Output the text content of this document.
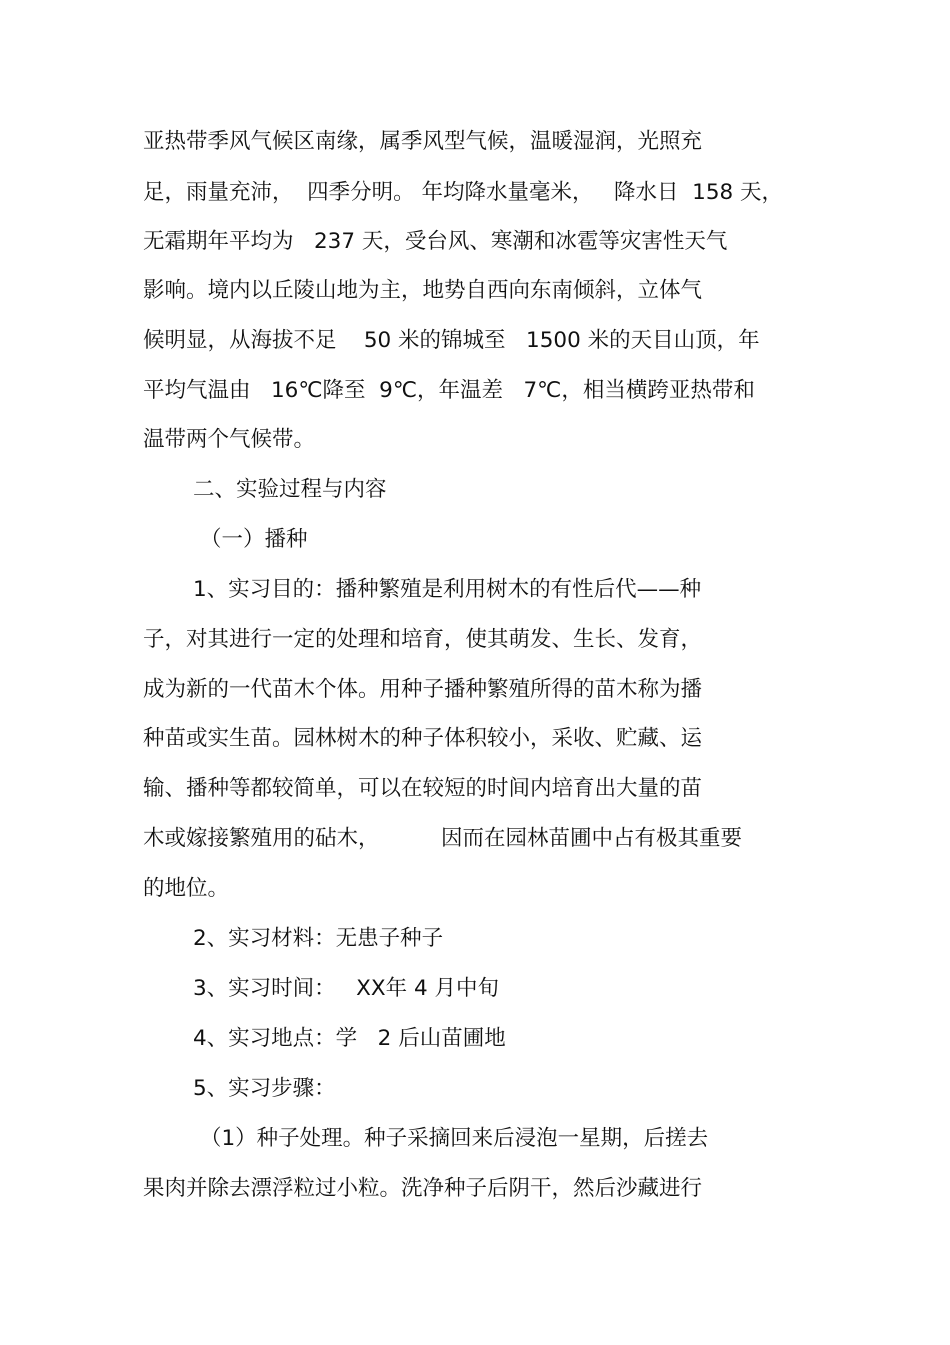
亚热带季风气候区南缘，属季风型气候，温暖湿润，光照充
足，雨量充沛，  四季分明。 年均降水量毫米，   降水日  158 天，
无霜期年平均为   237 天，受台风、寒潮和冰雹等灾害性天气
影响。境内以丘陵山地为主，地势自西向东南倾斜，立体气
候明显，从海拔不足    50 米的锦城至   1500 米的天目山顶，年
平均气温由   16℃降至  9℃，年温差   7℃，相当横跨亚热带和
温带两个气候带。
二、实验过程与内容
（一）播种
1、实习目的：播种繁殖是利用树木的有性后代——种
子，对其进行一定的处理和培育，使其萌发、生长、发育，
成为新的一代苗木个体。用种子播种繁殖所得的苗木称为播
种苗或实生苗。园林树木的种子体积较小，采收、贮藏、运
输、播种等都较简单，可以在较短的时间内培育出大量的苗
木或嫁接繁殖用的砧木，         因而在园林苗圃中占有极其重要
的地位。
2、实习材料：无患子种子
3、实习时间：   XX年 4 月中旬
4、实习地点：学   2 后山苗圃地
5、实习步骤：
（1）种子处理。种子采摘回来后浸泡一星期，后搓去
果肉并除去漂浮粒过小粒。洗净种子后阴干，然后沙藏进行
